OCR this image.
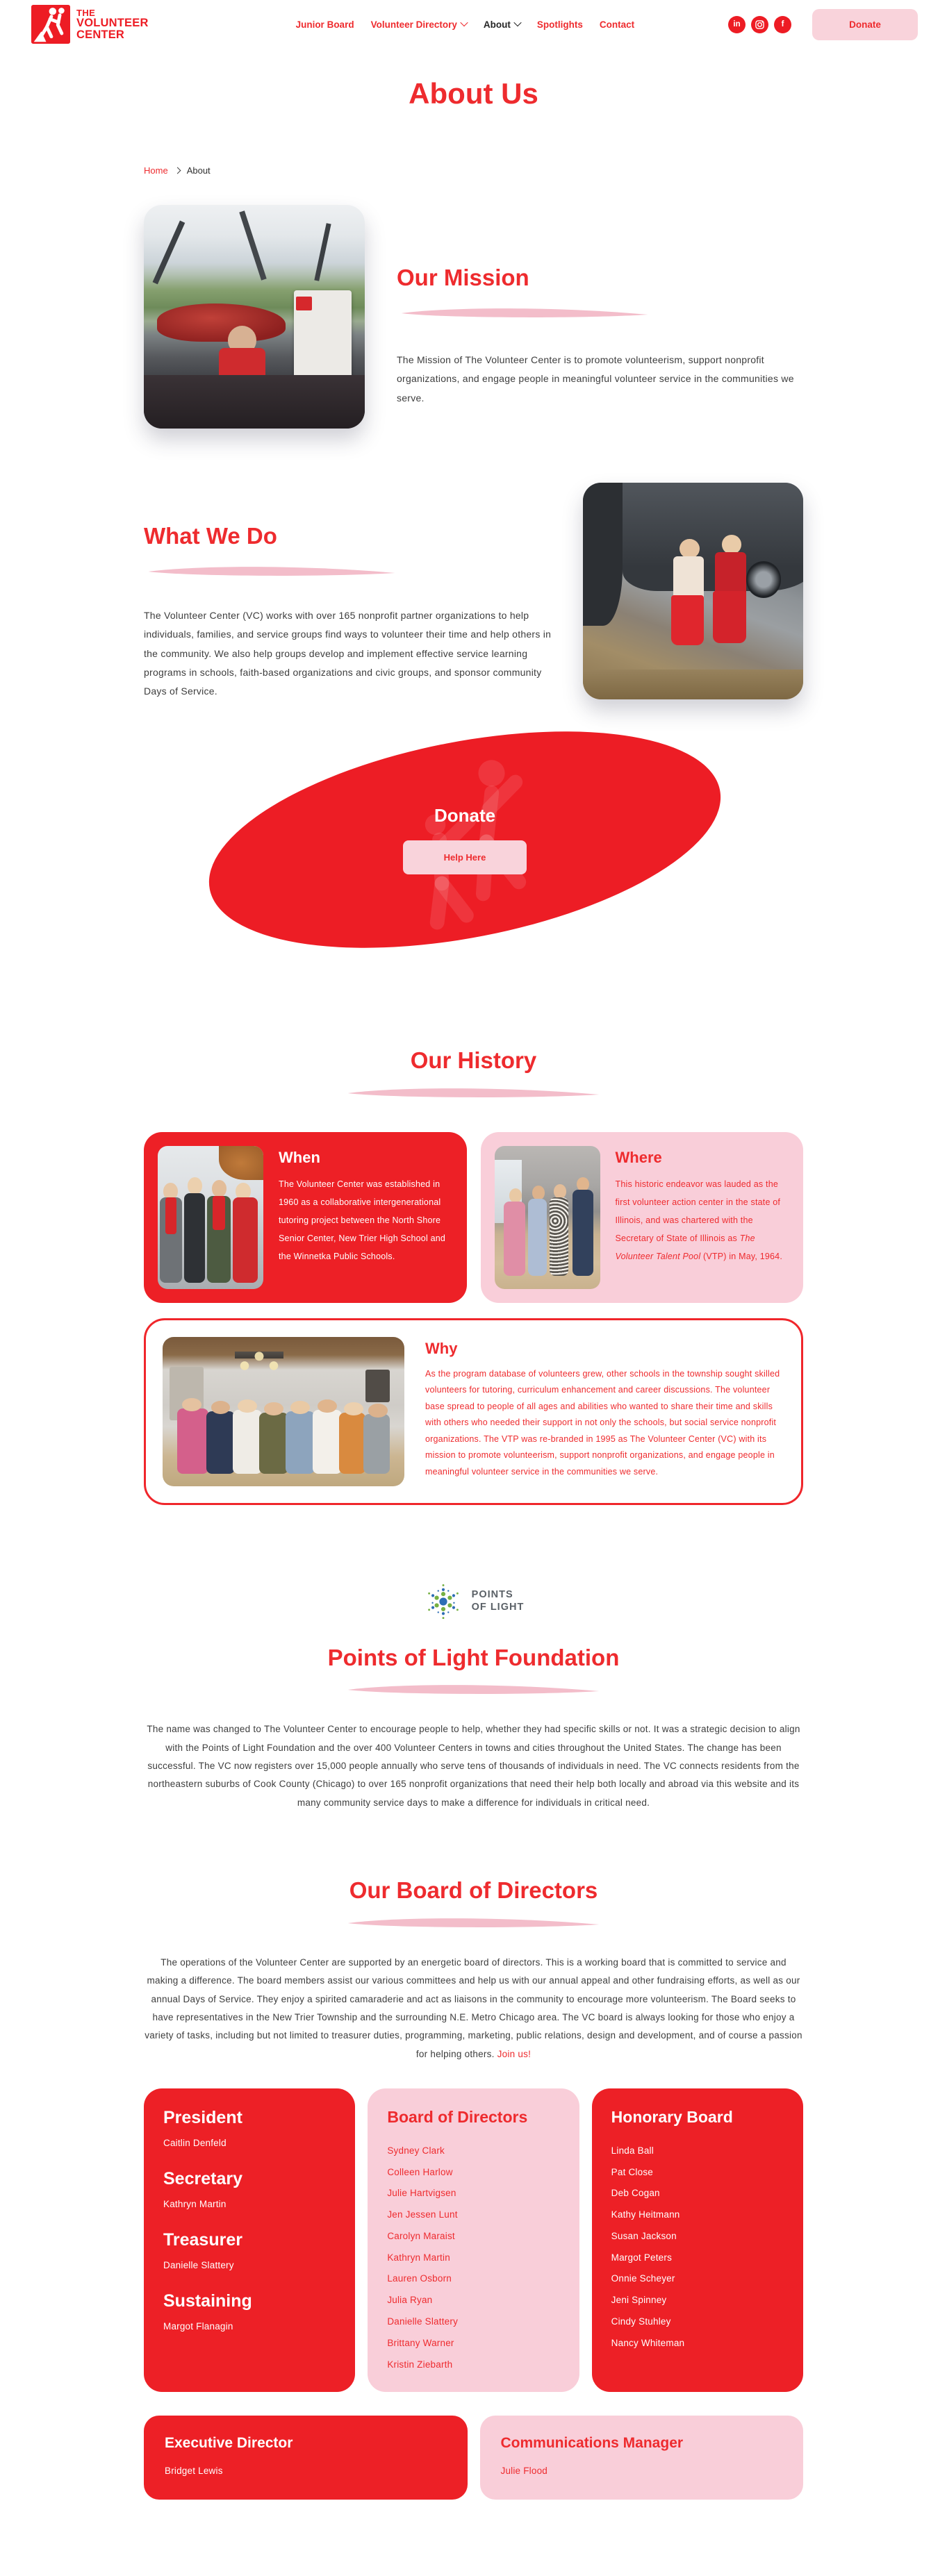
THE
VOLUNTEER
CENTER
Junior Board Volunteer Directory	About	Spotlights Contact	in	f	Donate
About Us
Home About
Our Mission

The Mission of The Volunteer Center is to promote volunteerism, support nonprofit organizations, and engage people in meaningful volunteer service in the communities we serve.

What We Do

The Volunteer Center (VC) works with over 165 nonprofit partner organizations to help individuals, families, and service groups find ways to volunteer their time and help others in the community. We also help groups develop and implement effective service learning programs in schools, faith-based organizations and civic groups, and sponsor community Days of Service.

Donate
Help Here
Our History
When

The Volunteer Center was established in 1960 as a collaborative intergenerational tutoring project between the North Shore Senior Center, New Trier High School and the Winnetka Public Schools.

Where

This historic endeavor was lauded as the first volunteer action center in the state of Illinois, and was chartered with the Secretary of State of Illinois as The Volunteer Talent Pool (VTP) in May, 1964.

Why

As the program database of volunteers grew, other schools in the township sought skilled volunteers for tutoring, curriculum enhancement and career discussions. The volunteer base spread to people of all ages and abilities who wanted to share their time and skills with others who needed their support in not only the schools, but social service nonprofit organizations. The VTP was re-branded in 1995 as The Volunteer Center (VC) with its mission to promote volunteerism, support nonprofit organizations, and engage people in meaningful volunteer service in the communities we serve.

POINTS
OF LIGHT
Points of Light Foundation

The name was changed to The Volunteer Center to encourage people to help, whether they had specific skills or not. It was a strategic decision to align with the Points of Light Foundation and the over 400 Volunteer Centers in towns and cities throughout the United States. The change has been successful. The VC now registers over 15,000 people annually who serve tens of thousands of individuals in need. The VC connects residents from the northeastern suburbs of Cook County (Chicago) to over 165 nonprofit organizations that need their help both locally and abroad via this website and its many community service days to make a difference for individuals in critical need.

Our Board of Directors

The operations of the Volunteer Center are supported by an energetic board of directors. This is a working board that is committed to service and making a difference. The board members assist our various committees and help us with our annual appeal and other fundraising efforts, as well as our annual Days of Service. They enjoy a spirited camaraderie and act as liaisons in the community to encourage more volunteerism. The Board seeks to have representatives in the New Trier Township and the surrounding N.E. Metro Chicago area. The VC board is always looking for those who enjoy a variety of tasks, including but not limited to treasurer duties, programming, marketing, public relations, design and development, and of course a passion for helping others. Join us!

President
Caitlin Denfeld
Secretary
Kathryn Martin
Treasurer
Danielle Slattery
Sustaining
Margot Flanagin
Board of Directors
Sydney Clark
Colleen Harlow
Julie Hartvigsen
Jen Jessen Lunt
Carolyn Maraist
Kathryn Martin
Lauren Osborn
Julia Ryan
Danielle Slattery
Brittany Warner
Kristin Ziebarth
Honorary Board
Linda Ball
Pat Close
Deb Cogan
Kathy Heitmann
Susan Jackson
Margot Peters
Onnie Scheyer
Jeni Spinney
Cindy Stuhley
Nancy Whiteman
Executive Director
Bridget Lewis
Communications Manager
Julie Flood
